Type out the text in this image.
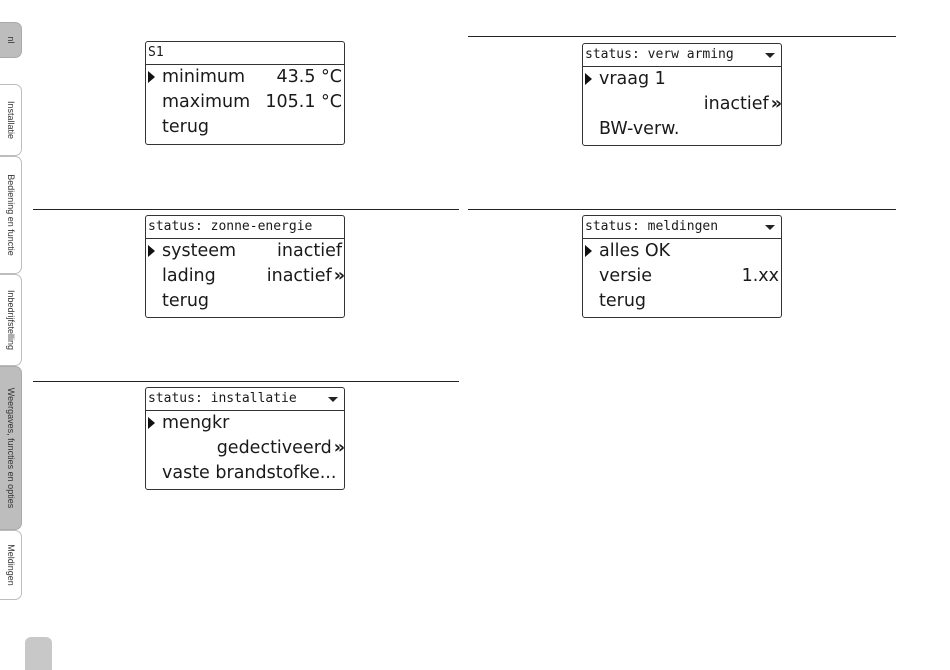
nl
Installatie
Bediening en functie
Inbedrijfstelling
Weergaves, functies en opties
Meldingen
S1
minimum 43.5 °C
maximum 105.1 °C
terug
status: zonne-energie
systeem inactief
lading	inactief »
terug
status: installatie
mengkr
gedectiveerd »
vaste brandstofke...
status: verw arming
vraag 1
inactief »
BW-verw.
status: meldingen
alles OK
versie	1.xx
terug
